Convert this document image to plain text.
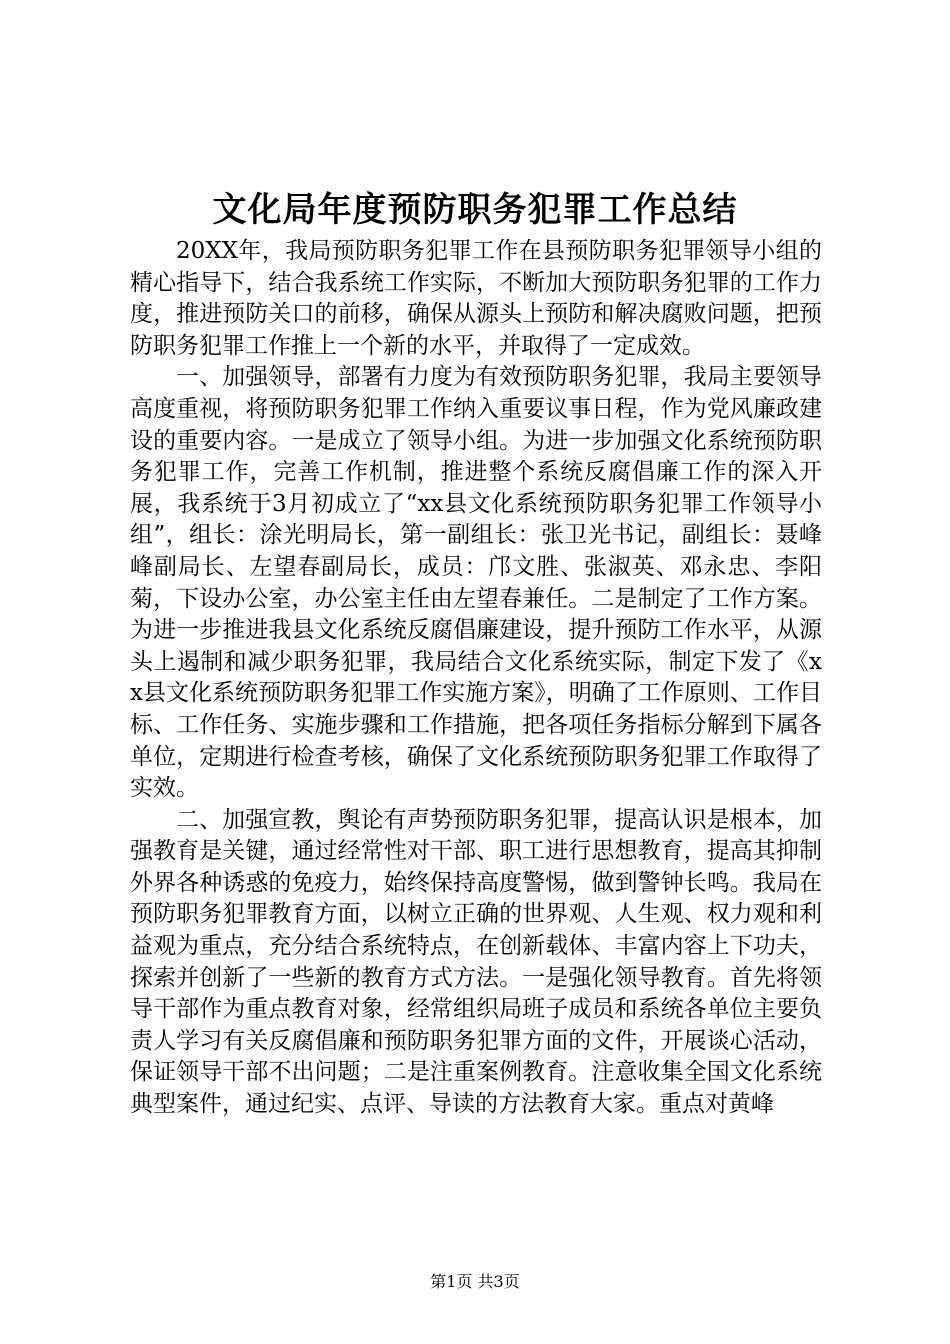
文化局年度预防职务犯罪工作总结

20XX年，我局预防职务犯罪工作在县预防职务犯罪领导小组的精心指导下，结合我系统工作实际，不断加大预防职务犯罪的工作力度，推进预防关口的前移，确保从源头上预防和解决腐败问题，把预防职务犯罪工作推上一个新的水平，并取得了一定成效。

一、加强领导，部署有力度为有效预防职务犯罪，我局主要领导高度重视，将预防职务犯罪工作纳入重要议事日程，作为党风廉政建设的重要内容。一是成立了领导小组。为进一步加强文化系统预防职务犯罪工作，完善工作机制，推进整个系统反腐倡廉工作的深入开展，我系统于3月初成立了“xx县文化系统预防职务犯罪工作领导小组”，组长：涂光明局长，第一副组长：张卫光书记，副组长：聂峰峰副局长、左望春副局长，成员：邝文胜、张淑英、邓永忠、李阳菊，下设办公室，办公室主任由左望春兼任。二是制定了工作方案。为进一步推进我县文化系统反腐倡廉建设，提升预防工作水平，从源头上遏制和减少职务犯罪，我局结合文化系统实际，制定下发了《xx县文化系统预防职务犯罪工作实施方案》，明确了工作原则、工作目标、工作任务、实施步骤和工作措施，把各项任务指标分解到下属各单位，定期进行检查考核，确保了文化系统预防职务犯罪工作取得了实效。

二、加强宣教，舆论有声势预防职务犯罪，提高认识是根本，加强教育是关键，通过经常性对干部、职工进行思想教育，提高其抑制外界各种诱惑的免疫力，始终保持高度警惕，做到警钟长鸣。我局在预防职务犯罪教育方面，以树立正确的世界观、人生观、权力观和利益观为重点，充分结合系统特点，在创新载体、丰富内容上下功夫，探索并创新了一些新的教育方式方法。一是强化领导教育。首先将领导干部作为重点教育对象，经常组织局班子成员和系统各单位主要负责人学习有关反腐倡廉和预防职务犯罪方面的文件，开展谈心活动，保证领导干部不出问题；二是注重案例教育。注意收集全国文化系统典型案件，通过纪实、点评、导读的方法教育大家。重点对黄峰

第1页 共3页
